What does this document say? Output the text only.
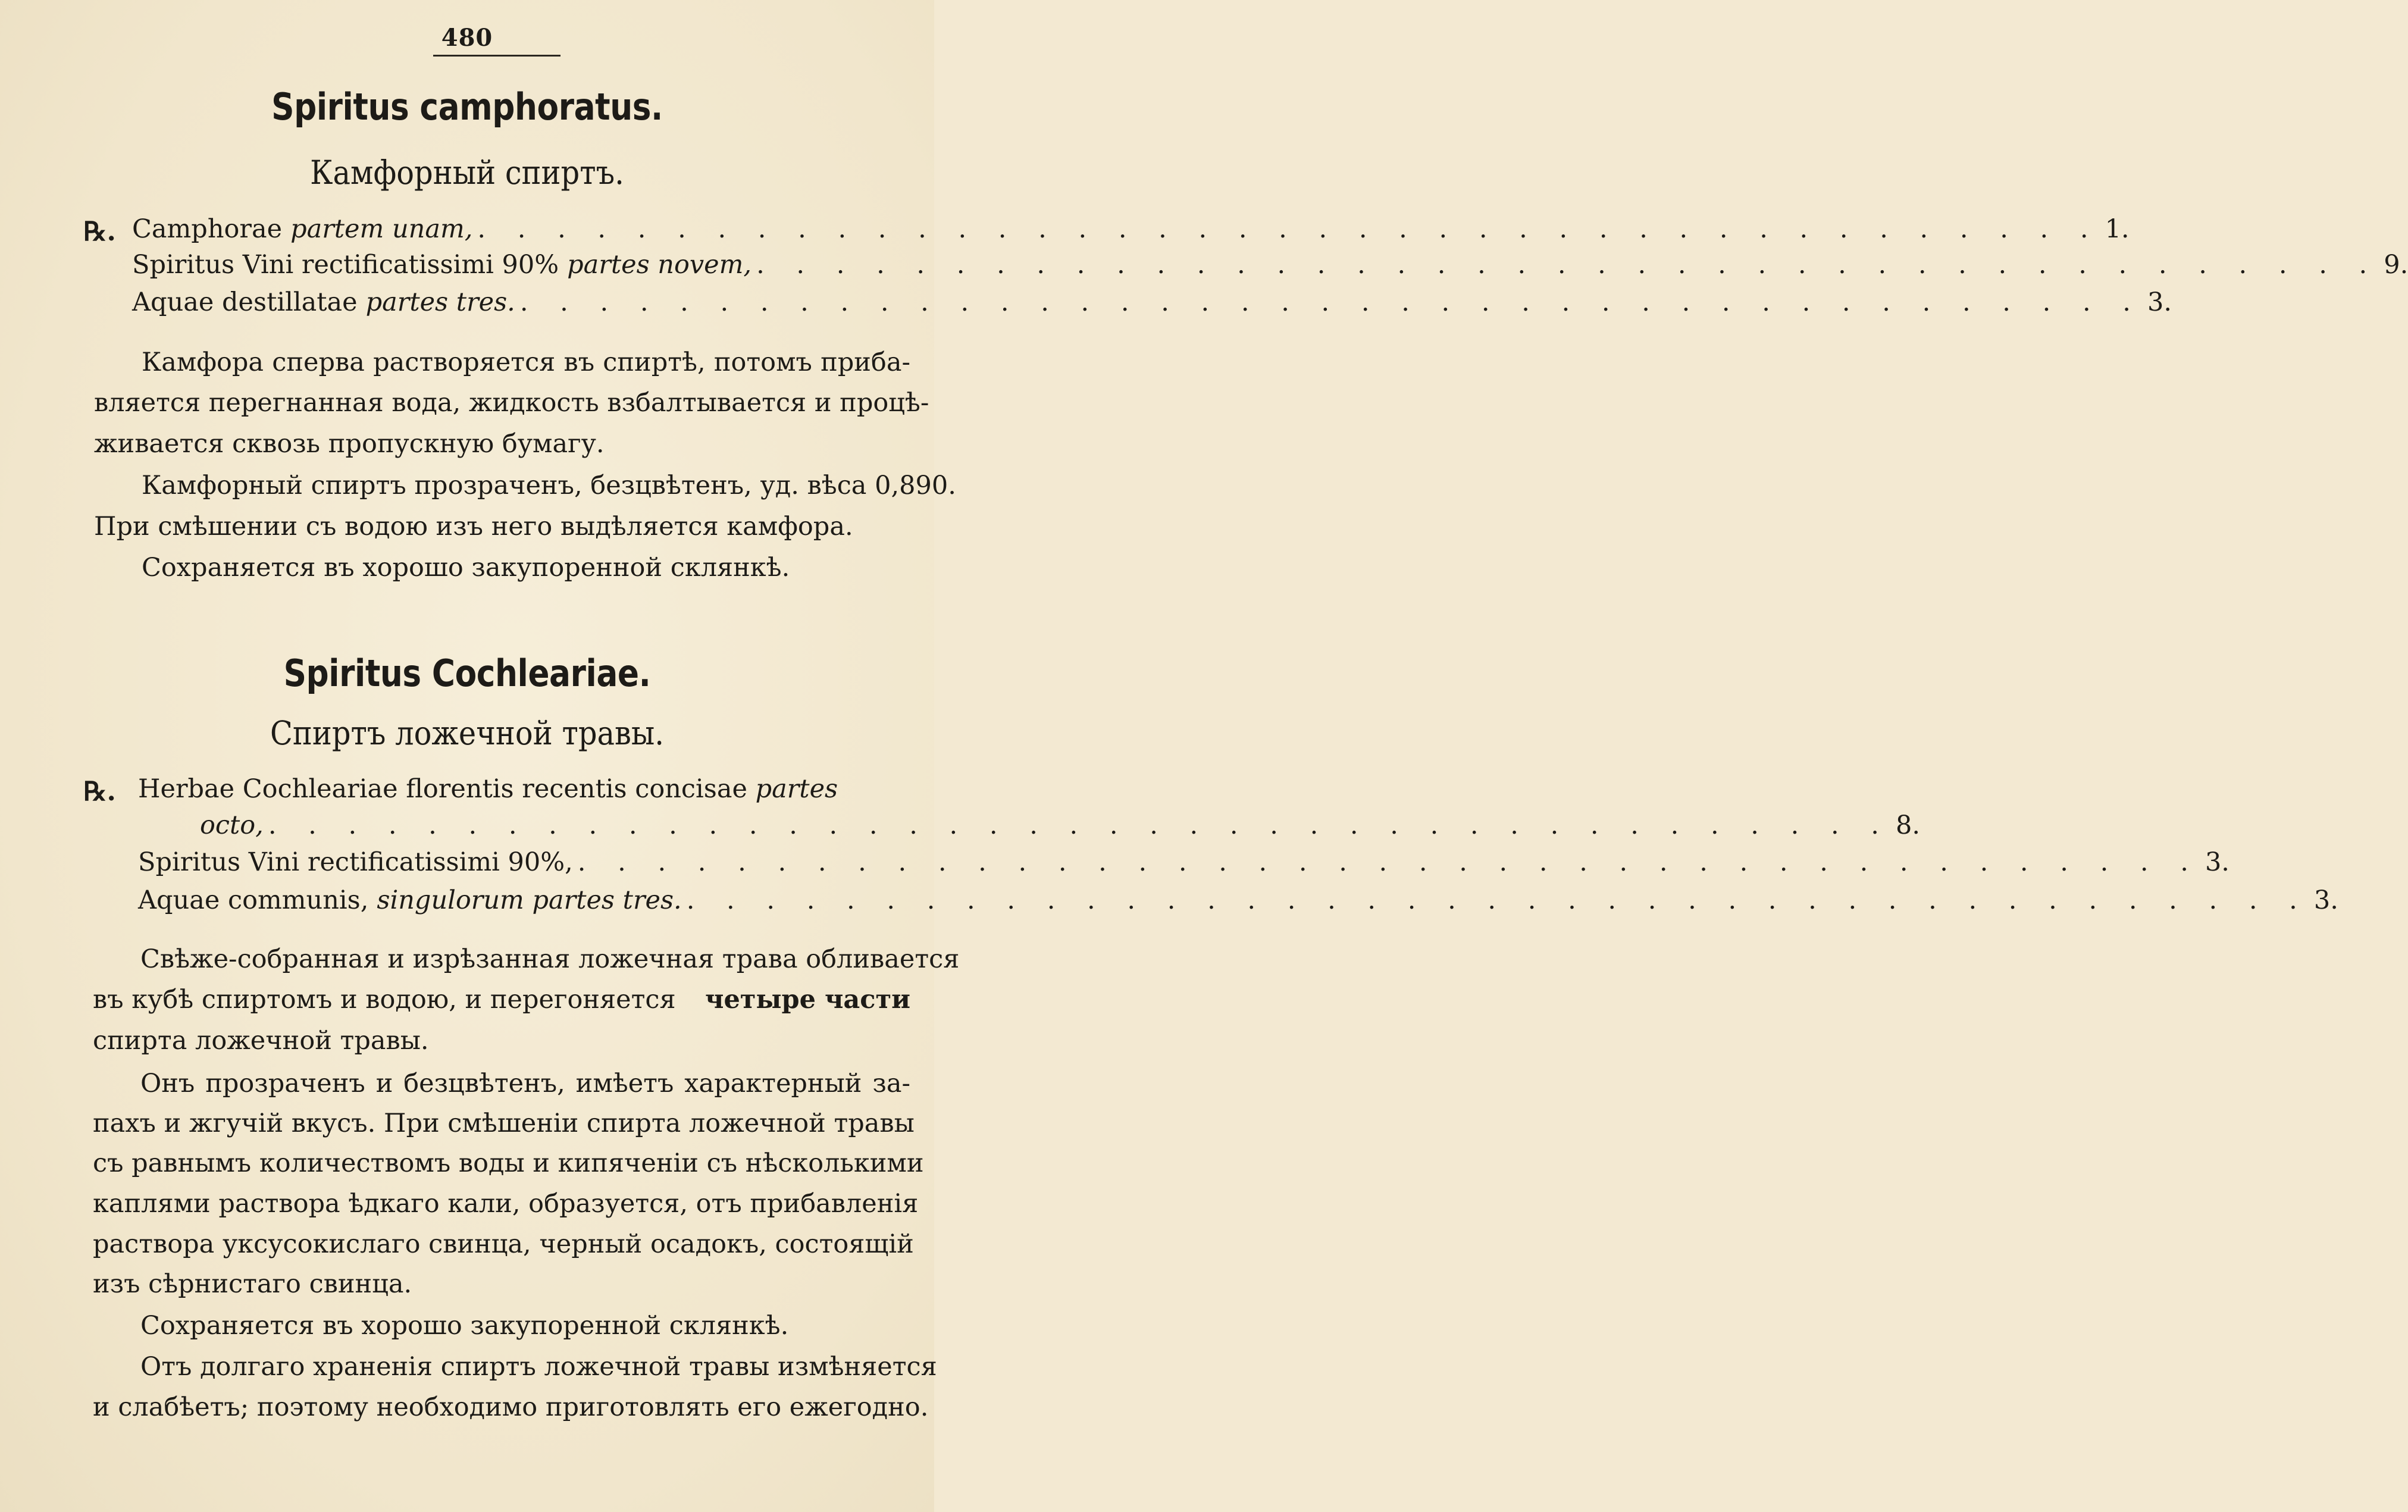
480
Spiritus camphoratus.
Камфорный спиртъ.
℞. Camphorae partem unam, . . . . . . . . . . . . . . . . . . . . . . . . . . . . . . . . . . . . . . . . . 1.
Spiritus Vini rectificatissimi 90% partes novem, . . . . . . . . . . . . . . . . . . . . . . . . . . . . . . . . . . . . . . . . . 9.
Aquae destillatae partes tres. . . . . . . . . . . . . . . . . . . . . . . . . . . . . . . . . . . . . . . . . . 3.
Камфора сперва растворяется въ спиртѣ, потомъ приба-
вляется перегнанная вода, жидкость взбалтывается и процѣ-
живается сквозь пропускную бумагу.
Камфорный спиртъ прозраченъ, безцвѣтенъ, уд. вѣса 0,890.
При смѣшении съ водою изъ него выдѣляется камфора.
Сохраняется въ хорошо закупоренной склянкѣ.
Spiritus Cochleariae.
Спиртъ ложечной травы.
℞. Herbae Cochleariae florentis recentis concisae partes
octo, . . . . . . . . . . . . . . . . . . . . . . . . . . . . . . . . . . . . . . . . . 8.
Spiritus Vini rectificatissimi 90%, . . . . . . . . . . . . . . . . . . . . . . . . . . . . . . . . . . . . . . . . . 3.
Aquae communis, singulorum partes tres. . . . . . . . . . . . . . . . . . . . . . . . . . . . . . . . . . . . . . . . . . 3.
Свѣже-собранная и изрѣзанная ложечная трава обливается
въ кубѣ спиртомъ и водою, и перегоняется четыре части
спирта ложечной травы.
Онъ прозраченъ и безцвѣтенъ, имѣетъ характерный за-
пахъ и жгучій вкусъ. При смѣшеніи спирта ложечной травы
съ равнымъ количествомъ воды и кипяченіи съ нѣсколькими
каплями раствора ѣдкаго кали, образуется, отъ прибавленія
раствора уксусокислаго свинца, черный осадокъ, состоящій
изъ сѣрнистаго свинца.
Сохраняется въ хорошо закупоренной склянкѣ.
Отъ долгаго храненія спиртъ ложечной травы измѣняется
и слабѣетъ; поэтому необходимо приготовлять его ежегодно.
